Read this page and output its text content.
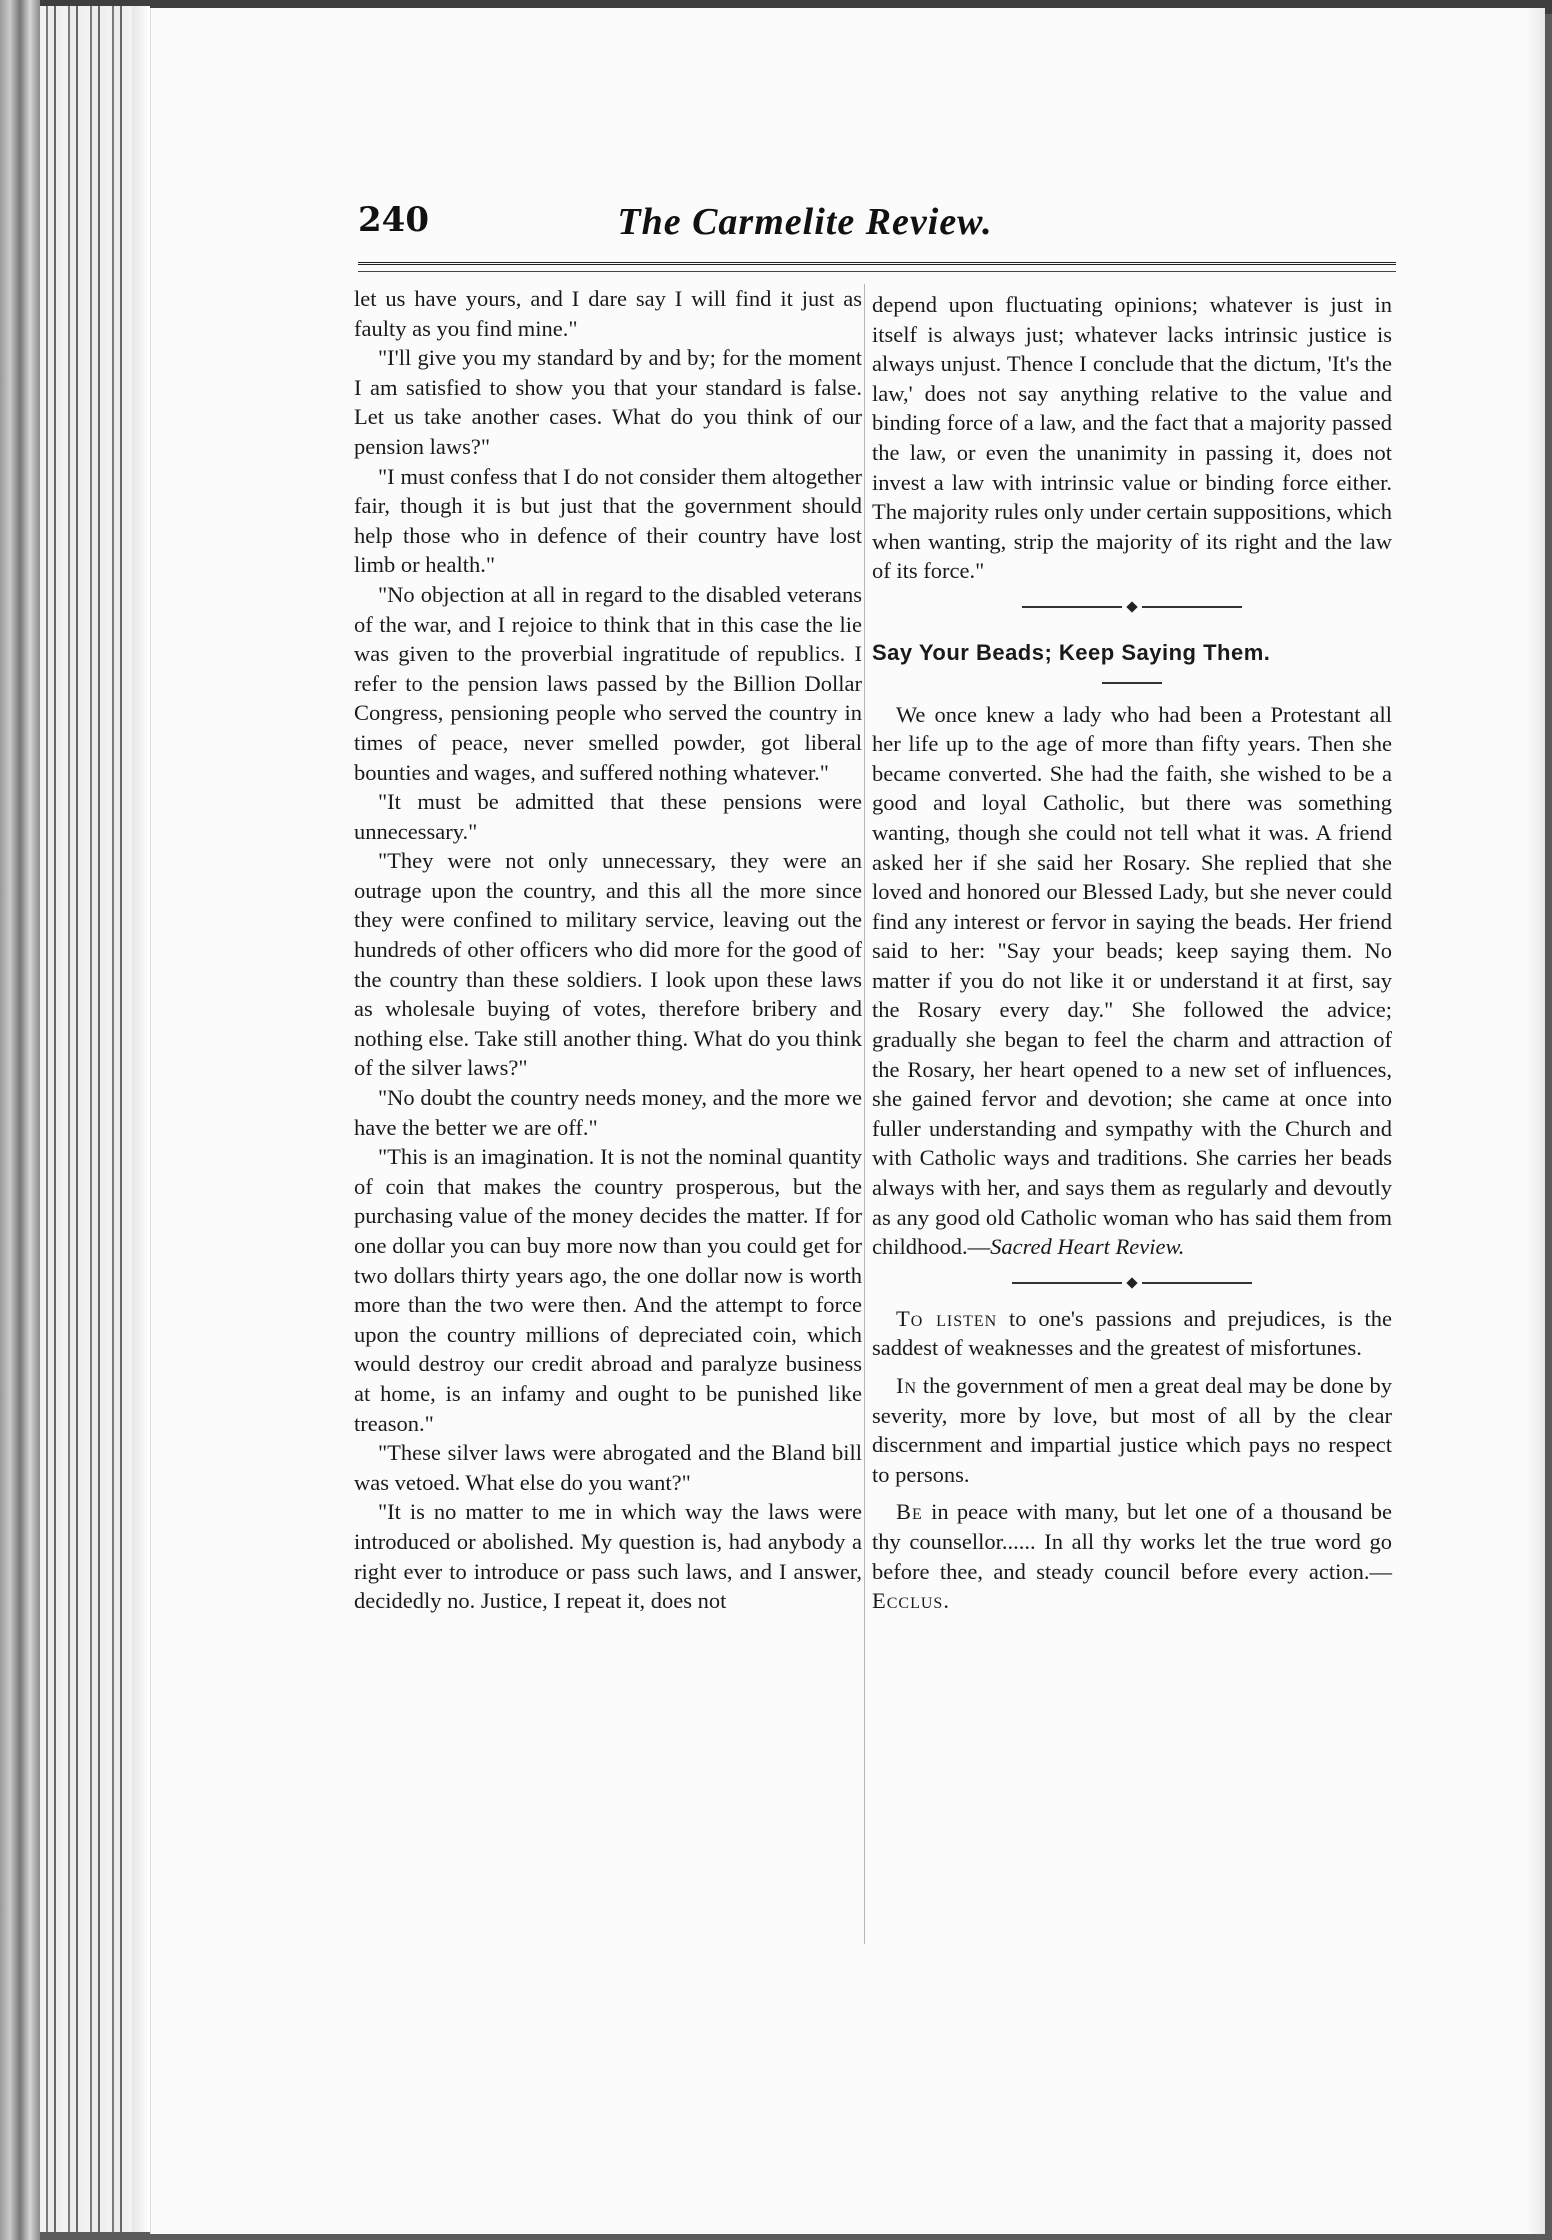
240	The Carmelite Review.

let us have yours, and I dare say I will find it just as faulty as you find mine."

"I'll give you my standard by and by; for the moment I am satisfied to show you that your standard is false. Let us take another cases. What do you think of our pension laws?"

"I must confess that I do not consider them altogether fair, though it is but just that the government should help those who in defence of their country have lost limb or health."

"No objection at all in regard to the disabled veterans of the war, and I rejoice to think that in this case the lie was given to the proverbial ingratitude of republics. I refer to the pension laws passed by the Billion Dollar Congress, pensioning people who served the country in times of peace, never smelled powder, got liberal bounties and wages, and suffered nothing whatever."

"It must be admitted that these pensions were unnecessary."

"They were not only unnecessary, they were an outrage upon the country, and this all the more since they were confined to military service, leaving out the hundreds of other officers who did more for the good of the country than these soldiers. I look upon these laws as wholesale buying of votes, therefore bribery and nothing else. Take still another thing. What do you think of the silver laws?"

"No doubt the country needs money, and the more we have the better we are off."

"This is an imagination. It is not the nominal quantity of coin that makes the country prosperous, but the purchasing value of the money decides the matter. If for one dollar you can buy more now than you could get for two dollars thirty years ago, the one dollar now is worth more than the two were then. And the attempt to force upon the country millions of depreciated coin, which would destroy our credit abroad and paralyze business at home, is an infamy and ought to be punished like treason."

"These silver laws were abrogated and the Bland bill was vetoed. What else do you want?"

"It is no matter to me in which way the laws were introduced or abolished. My question is, had anybody a right ever to introduce or pass such laws, and I answer, decidedly no. Justice, I repeat it, does not

depend upon fluctuating opinions; whatever is just in itself is always just; whatever lacks intrinsic justice is always unjust. Thence I conclude that the dictum, 'It's the law,' does not say anything relative to the value and binding force of a law, and the fact that a majority passed the law, or even the unanimity in passing it, does not invest a law with intrinsic value or binding force either. The majority rules only under certain suppositions, which when wanting, strip the majority of its right and the law of its force."

Say Your Beads; Keep Saying Them.

We once knew a lady who had been a Protestant all her life up to the age of more than fifty years. Then she became converted. She had the faith, she wished to be a good and loyal Catholic, but there was something wanting, though she could not tell what it was. A friend asked her if she said her Rosary. She replied that she loved and honored our Blessed Lady, but she never could find any interest or fervor in saying the beads. Her friend said to her: "Say your beads; keep saying them. No matter if you do not like it or understand it at first, say the Rosary every day." She followed the advice; gradually she began to feel the charm and attraction of the Rosary, her heart opened to a new set of influences, she gained fervor and devotion; she came at once into fuller understanding and sympathy with the Church and with Catholic ways and traditions. She carries her beads always with her, and says them as regularly and devoutly as any good old Catholic woman who has said them from childhood.—Sacred Heart Review.

To listen to one's passions and prejudices, is the saddest of weaknesses and the greatest of misfortunes.

In the government of men a great deal may be done by severity, more by love, but most of all by the clear discernment and impartial justice which pays no respect to persons.

Be in peace with many, but let one of a thousand be thy counsellor...... In all thy works let the true word go before thee, and steady council before every action.—Ecclus.
